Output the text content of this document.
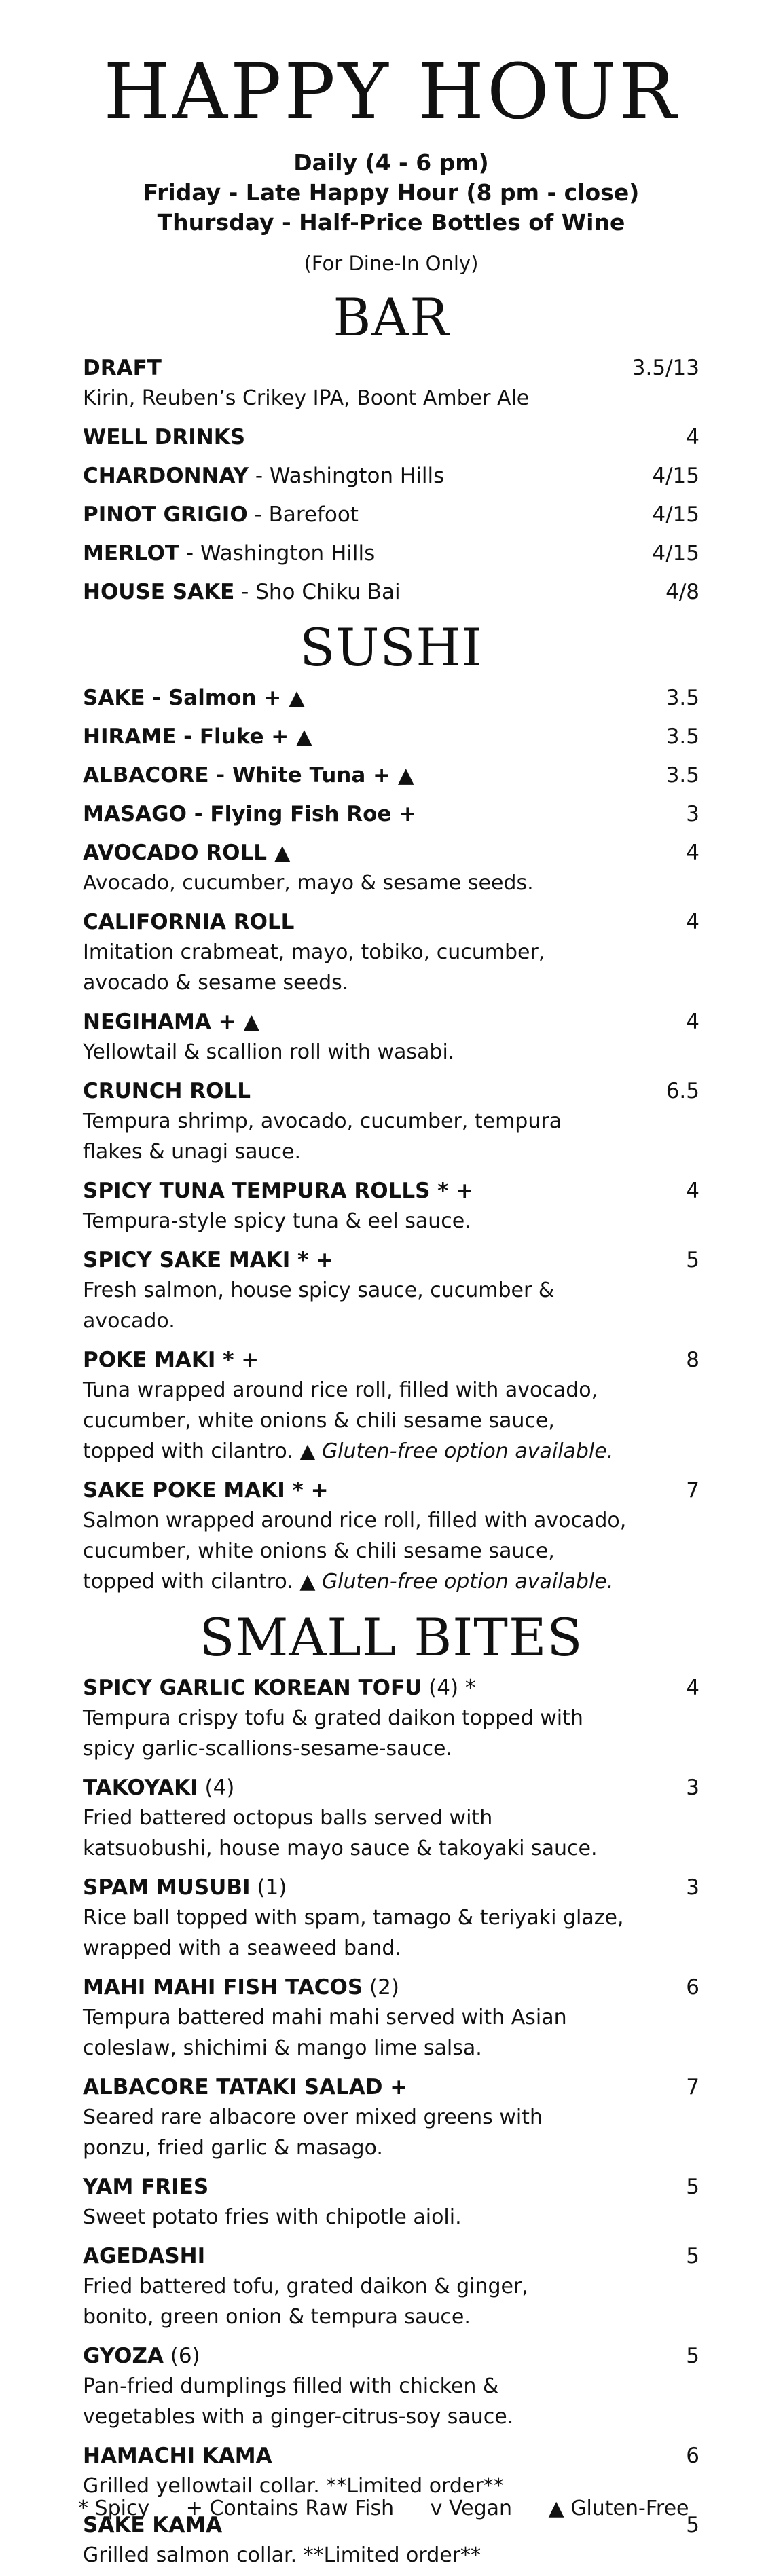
HAPPY HOUR
Daily (4 - 6 pm)
Friday - Late Happy Hour (8 pm - close)
Thursday - Half-Price Bottles of Wine
(For Dine-In Only)
BAR
DRAFT	3.5/13
Kirin, Reuben’s Crikey IPA, Boont Amber Ale
WELL DRINKS	4
CHARDONNAY - Washington Hills	4/15
PINOT GRIGIO - Barefoot	4/15
MERLOT - Washington Hills	4/15
HOUSE SAKE - Sho Chiku Bai	4/8
SUSHI
SAKE - Salmon + ▲	3.5
HIRAME - Fluke + ▲	3.5
ALBACORE - White Tuna + ▲	3.5
MASAGO - Flying Fish Roe +	3
AVOCADO ROLL ▲	4
Avocado, cucumber, mayo & sesame seeds.
CALIFORNIA ROLL	4
Imitation crabmeat, mayo, tobiko, cucumber,
avocado & sesame seeds.
NEGIHAMA + ▲	4
Yellowtail & scallion roll with wasabi.
CRUNCH ROLL	6.5
Tempura shrimp, avocado, cucumber, tempura
flakes & unagi sauce.
SPICY TUNA TEMPURA ROLLS * +	4
Tempura-style spicy tuna & eel sauce.
SPICY SAKE MAKI * +	5
Fresh salmon, house spicy sauce, cucumber &
avocado.
POKE MAKI * +	8
Tuna wrapped around rice roll, filled with avocado,
cucumber, white onions & chili sesame sauce,
topped with cilantro. ▲ Gluten-free option available.
SAKE POKE MAKI * +	7
Salmon wrapped around rice roll, filled with avocado,
cucumber, white onions & chili sesame sauce,
topped with cilantro. ▲ Gluten-free option available.
SMALL BITES
SPICY GARLIC KOREAN TOFU (4) *	4
Tempura crispy tofu & grated daikon topped with
spicy garlic-scallions-sesame-sauce.
TAKOYAKI (4)	3
Fried battered octopus balls served with
katsuobushi, house mayo sauce & takoyaki sauce.
SPAM MUSUBI (1)	3
Rice ball topped with spam, tamago & teriyaki glaze,
wrapped with a seaweed band.
MAHI MAHI FISH TACOS (2)	6
Tempura battered mahi mahi served with Asian
coleslaw, shichimi & mango lime salsa.
ALBACORE TATAKI SALAD +	7
Seared rare albacore over mixed greens with
ponzu, fried garlic & masago.
YAM FRIES	5
Sweet potato fries with chipotle aioli.
AGEDASHI	5
Fried battered tofu, grated daikon & ginger,
bonito, green onion & tempura sauce.
GYOZA (6)	5
Pan-fried dumplings filled with chicken &
vegetables with a ginger-citrus-soy sauce.
HAMACHI KAMA	6
Grilled yellowtail collar. **Limited order**
SAKE KAMA	5
Grilled salmon collar. **Limited order**
* Spicy + Contains Raw Fish v Vegan ▲ Gluten-Free
